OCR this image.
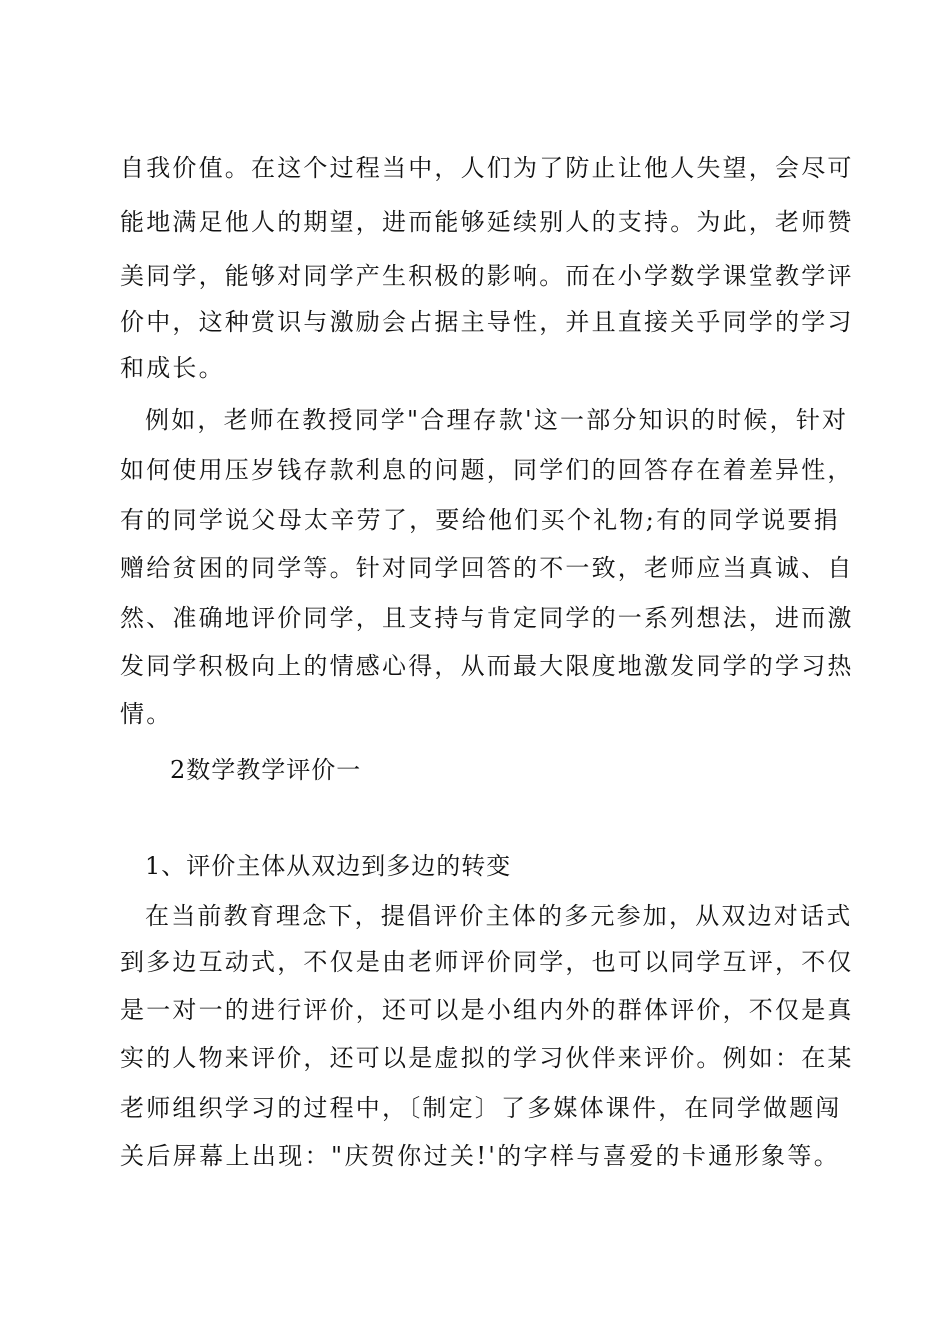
自我价值。在这个过程当中，人们为了防止让他人失望，会尽可
能地满足他人的期望，进而能够延续别人的支持。为此，老师赞
美同学，能够对同学产生积极的影响。而在小学数学课堂教学评
价中，这种赏识与激励会占据主导性，并且直接关乎同学的学习
和成长。
例如，老师在教授同学"合理存款'这一部分知识的时候，针对
如何使用压岁钱存款利息的问题，同学们的回答存在着差异性，
有的同学说父母太辛劳了，要给他们买个礼物;有的同学说要捐
赠给贫困的同学等。针对同学回答的不一致，老师应当真诚、自
然、准确地评价同学，且支持与肯定同学的一系列想法，进而激
发同学积极向上的情感心得，从而最大限度地激发同学的学习热
情。
2数学教学评价一
1、评价主体从双边到多边的转变
在当前教育理念下，提倡评价主体的多元参加，从双边对话式
到多边互动式，不仅是由老师评价同学，也可以同学互评，不仅
是一对一的进行评价，还可以是小组内外的群体评价，不仅是真
实的人物来评价，还可以是虚拟的学习伙伴来评价。例如：在某
老师组织学习的过程中，〔制定〕了多媒体课件，在同学做题闯
关后屏幕上出现："庆贺你过关!'的字样与喜爱的卡通形象等。
